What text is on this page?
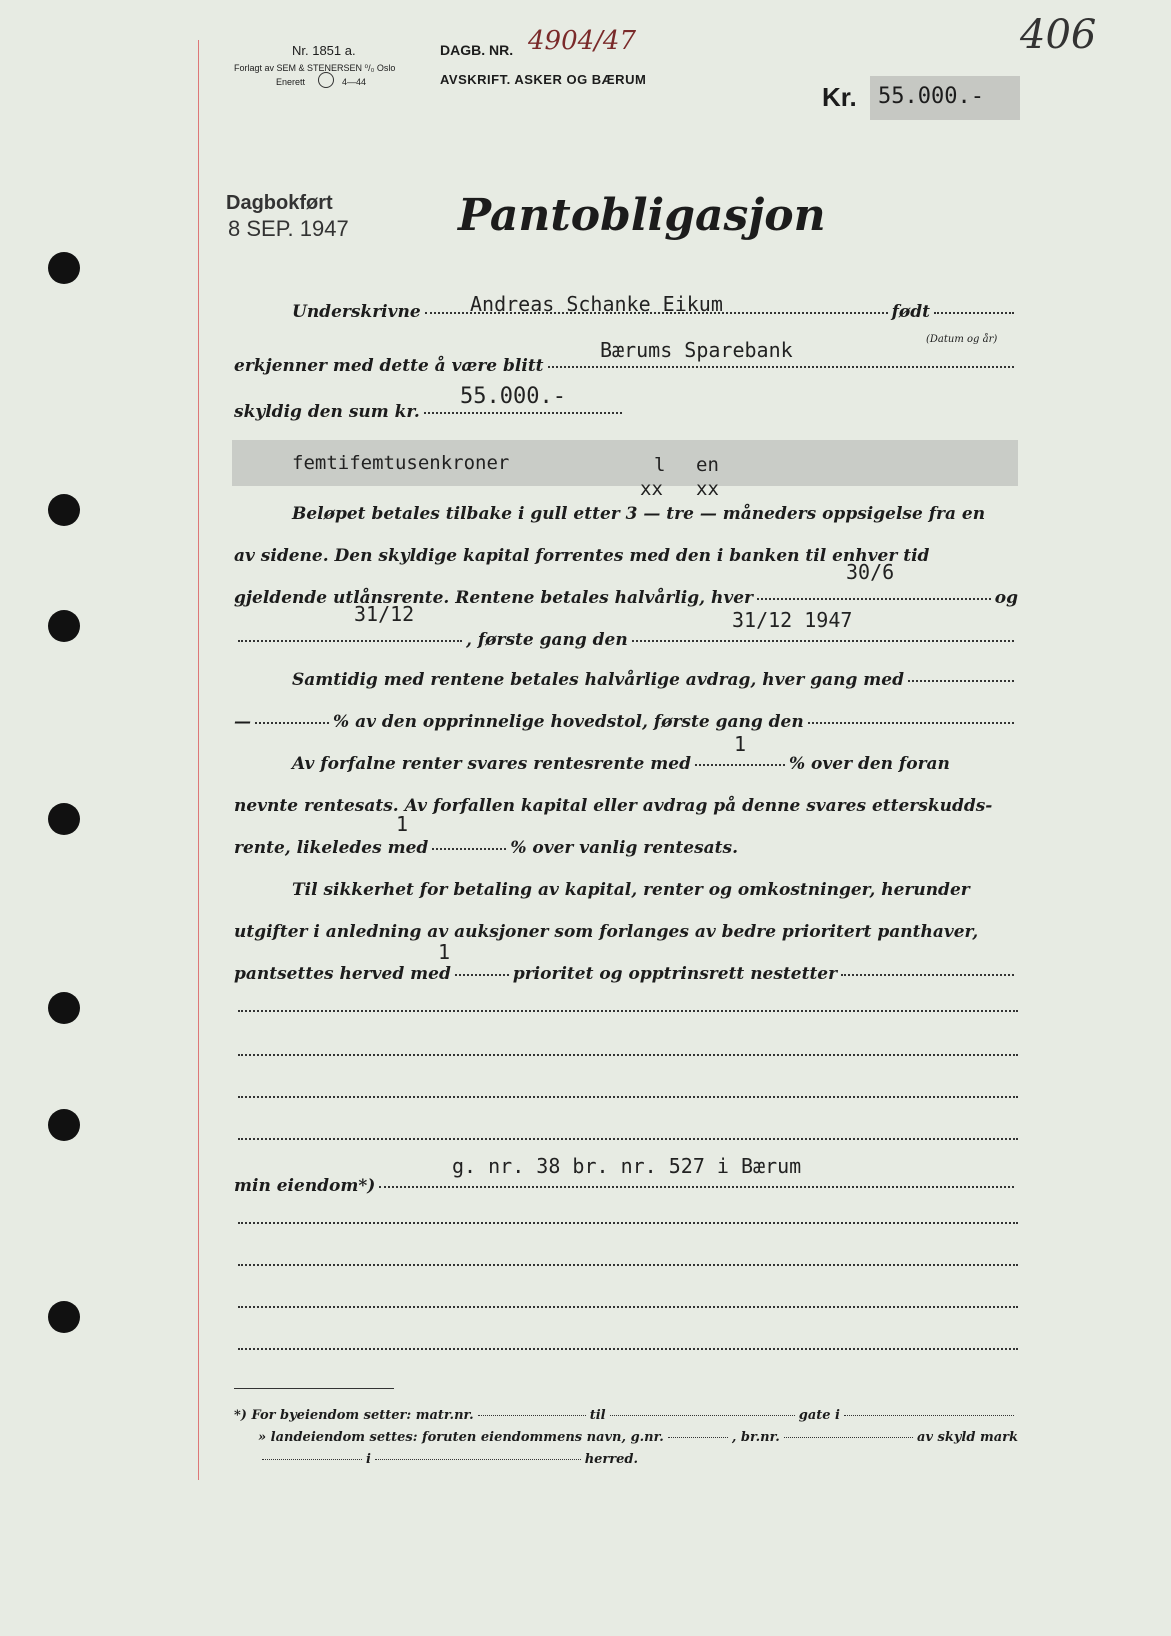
Nr. 1851 a.
Forlagt av SEM & STENERSEN ⁰/₀ Oslo
Enerett	4—44
DAGB. NR. 4904/47
AVSKRIFT. ASKER OG BÆRUM
Kr. 55.000.-
406
Dagbokført
8 SEP. 1947 Pantobligasjon
Underskrivne	født
Andreas Schanke Eikum
(Datum og år)
erkjenner med dette å være blitt
Bærums Sparebank
skyldig den sum kr.
55.000.-
femtifemtusenkroner	l en
xx xx
Beløpet betales tilbake i gull etter 3 — tre — måneders oppsigelse fra en
av sidene. Den skyldige kapital forrentes med den i banken til enhver tid
gjeldende utlånsrente. Rentene betales halvårlig, hver	og
30/6
, første gang den
31/12	31/12 1947
Samtidig med rentene betales halvårlige avdrag, hver gang med
—	% av den opprinnelige hovedstol, første gang den
Av forfalne renter svares rentesrente med	% over den foran
1
nevnte rentesats. Av forfallen kapital eller avdrag på denne svares etterskudds-
rente, likeledes med	% over vanlig rentesats.
1
Til sikkerhet for betaling av kapital, renter og omkostninger, herunder
utgifter i anledning av auksjoner som forlanges av bedre prioritert panthaver,
pantsettes herved med	prioritet og opptrinsrett nestetter
1
min eiendom*)
g. nr. 38 br. nr. 527 i Bærum
*) For byeiendom setter: matr.nr.	til	gate i
» landeiendom settes: foruten eiendommens navn, g.nr.	, br.nr.	av skyld mark
i	herred.
